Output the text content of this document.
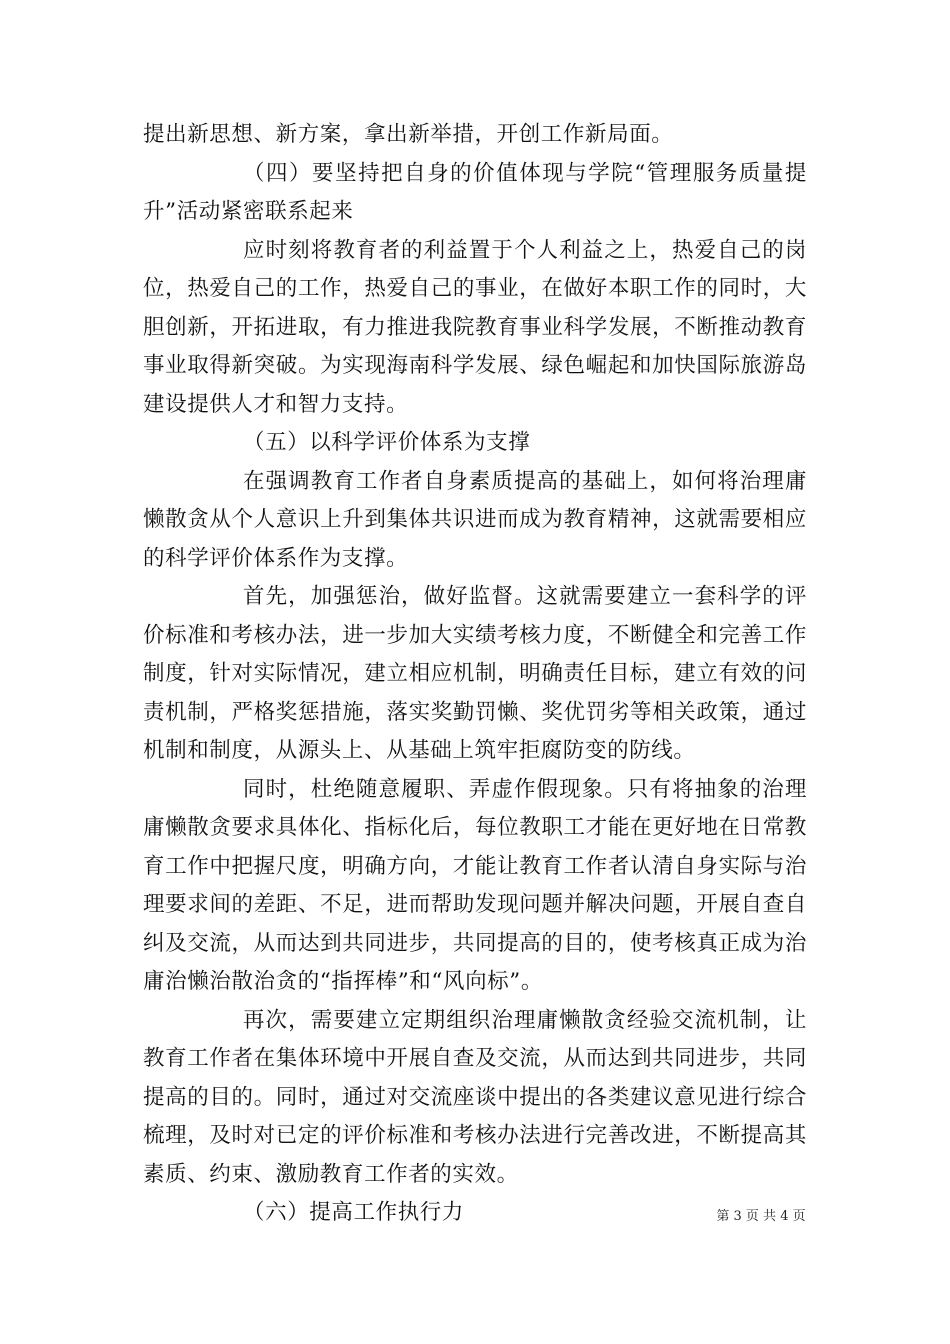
提出新思想、新方案，拿出新举措，开创工作新局面。

（四）要坚持把自身的价值体现与学院“管理服务质量提升”活动紧密联系起来

应时刻将教育者的利益置于个人利益之上，热爱自己的岗位，热爱自己的工作，热爱自己的事业，在做好本职工作的同时，大胆创新，开拓进取，有力推进我院教育事业科学发展，不断推动教育事业取得新突破。为实现海南科学发展、绿色崛起和加快国际旅游岛建设提供人才和智力支持。

（五）以科学评价体系为支撑

在强调教育工作者自身素质提高的基础上，如何将治理庸懒散贪从个人意识上升到集体共识进而成为教育精神，这就需要相应的科学评价体系作为支撑。

首先，加强惩治，做好监督。这就需要建立一套科学的评价标准和考核办法，进一步加大实绩考核力度，不断健全和完善工作制度，针对实际情况，建立相应机制，明确责任目标，建立有效的问责机制，严格奖惩措施，落实奖勤罚懒、奖优罚劣等相关政策，通过机制和制度，从源头上、从基础上筑牢拒腐防变的防线。

同时，杜绝随意履职、弄虚作假现象。只有将抽象的治理庸懒散贪要求具体化、指标化后，每位教职工才能在更好地在日常教育工作中把握尺度，明确方向，才能让教育工作者认清自身实际与治理要求间的差距、不足，进而帮助发现问题并解决问题，开展自查自纠及交流，从而达到共同进步，共同提高的目的，使考核真正成为治庸治懒治散治贪的“指挥棒”和“风向标”。

再次，需要建立定期组织治理庸懒散贪经验交流机制，让教育工作者在集体环境中开展自查及交流，从而达到共同进步，共同提高的目的。同时，通过对交流座谈中提出的各类建议意见进行综合梳理，及时对已定的评价标准和考核办法进行完善改进，不断提高其素质、约束、激励教育工作者的实效。

（六）提高工作执行力	第 3 页 共 4 页
